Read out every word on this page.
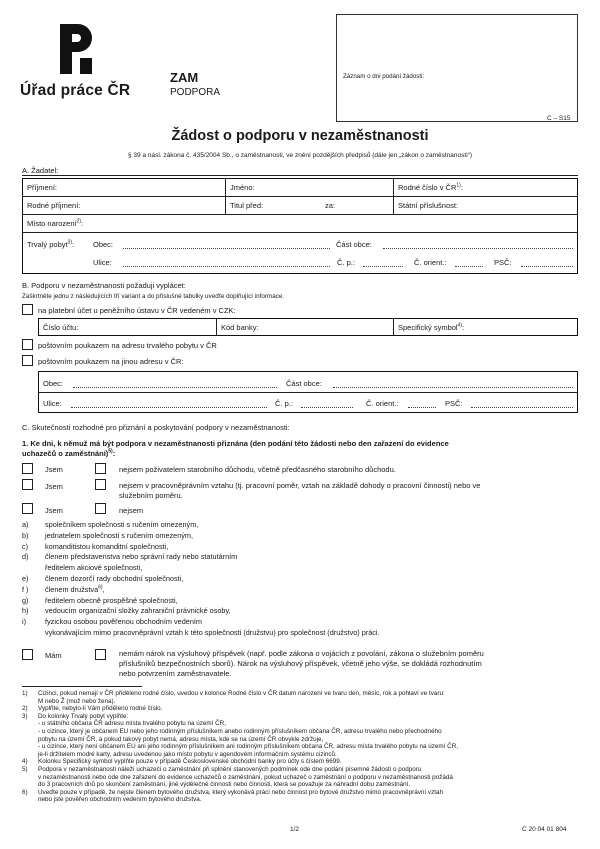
Úřad práce ČR
ZAM
PODPORA
Záznam o dni podání žádosti:
C – S15
Žádost o podporu v nezaměstnanosti
§ 39 a násl. zákona č. 435/2004 Sb., o zaměstnanosti, ve znění pozdějších předpisů (dále jen „zákon o zaměstnanosti“)
A. Žadatel:
Příjmení:	Jméno:	Rodné číslo v ČR$^{1)}$:
Rodné příjmení:	Titul před:	za:	Státní příslušnost:
Místo narození$^{2)}$:
Trvalý pobyt$^{3)}$:	Obec:	Část obce:
Ulice:	Č. p.:	Č. orient.:	PSČ:
B. Podporu v nezaměstnanosti požaduji vyplácet:
Zaškrtněte jednu z následujících tří variant a do příslušné tabulky uveďte doplňující informace.
na platební účet u peněžního ústavu v ČR vedeném v CZK:
Číslo účtu:	Kód banky:	Specifický symbol$^{4)}$:
poštovním poukazem na adresu trvalého pobytu v ČR
poštovním poukazem na jinou adresu v ČR:
Obec:	Část obce:
Ulice:	Č. p.:	Č. orient.:	PSČ:
C. Skutečnosti rozhodné pro přiznání a poskytování podpory v nezaměstnanosti:
1. Ke dni, k němuž má být podpora v nezaměstnanosti přiznána (den podání této žádosti nebo den zařazení do evidence
uchazečů o zaměstnání)$^{5)}$:
Jsem	nejsem poživatelem starobního důchodu, včetně předčasného starobního důchodu.
Jsem	nejsem v pracovněprávním vztahu (tj. pracovní poměr, vztah na základě dohody o pracovní činnosti) nebo ve
služebním poměru.
Jsem	nejsem
a) společníkem společnosti s ručením omezeným,
b) jednatelem společnosti s ručením omezeným,
c) komanditistou komanditní společnosti,
d) členem představenstva nebo správní rady nebo statutárním
ředitelem akciové společnosti,
e) členem dozorčí rady obchodní společnosti,
f ) členem družstva$^{6)}$,
g) ředitelem obecně prospěšné společnosti,
h) vedoucím organizační složky zahraniční právnické osoby,
i)	fyzickou osobou pověřenou obchodním vedením
vykonávajícím mimo pracovněprávní vztah k této společnosti (družstvu) pro společnost (družstvo) práci.
Mám	nemám nárok na výsluhový příspěvek (např. podle zákona o vojácích z povolání, zákona o služebním poměru
příslušníků bezpečnostních sborů). Nárok na výsluhový příspěvek, včetně jeho výše, se dokládá rozhodnutím
nebo potvrzením zaměstnavatele.
1) Cizinci, pokud nemají v ČR přiděleno rodné číslo, uvedou v kolonce Rodné číslo v ČR datum narození ve tvaru den, měsíc, rok a pohlaví ve tvaru:
M nebo Ž (muž nebo žena).
2) Vyplňte, nebylo-li Vám přiděleno rodné číslo.
3) Do kolonky Trvalý pobyt vyplňte:
- u státního občana ČR adresu místa trvalého pobytu na území ČR,
- u cizince, který je občanem EU nebo jeho rodinným příslušníkem anebo rodinným příslušníkem občana ČR, adresu trvalého nebo přechodného
pobytu na území ČR, a pokud takový pobyt nemá, adresu místa, kde se na území ČR obvykle zdržuje,
- u cizince, který není občanem EU ani jeho rodinným příslušníkem ani rodinným příslušníkem občana ČR, adresu místa trvalého pobytu na území ČR,
je-li držitelem modré karty, adresu uvedenou jako místo pobytu v agendovém informačním systému cizinců.
4) Kolonku Specifický symbol vyplňte pouze v případě Československé obchodní banky pro účty s číslem 6699.
5) Podpora v nezaměstnanosti náleží uchazeči o zaměstnání při splnění stanovených podmínek ode dne podání písemné žádosti o podporu
v nezaměstnanosti nebo ode dne zařazení do evidence uchazečů o zaměstnání, pokud uchazeč o zaměstnání o podporu v nezaměstnanosti požádá
do 3 pracovních dnů po skončení zaměstnání, jiné výdělečné činnosti nebo činnosti, která se považuje za náhradní dobu zaměstnání.
6) Uveďte pouze v případě, že nejste členem bytového družstva, který vykonává práci nebo činnost pro bytové družstvo mimo pracovněprávní vztah
nebo jste pověřen obchodním vedením bytového družstva.
1/2	C 20 04 01 804
